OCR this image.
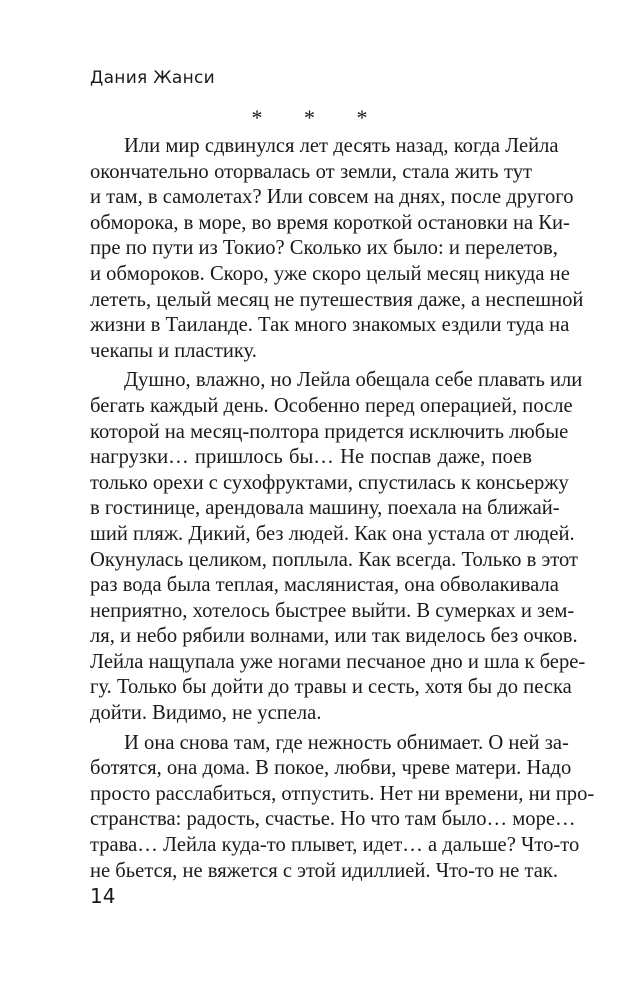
Дания Жанси
* * *

Или мир сдвинулся лет десять назад, когда Лейла
окончательно оторвалась от земли, стала жить тут
и там, в самолетах? Или совсем на днях, после другого
обморока, в море, во время короткой остановки на Ки-
пре по пути из Токио? Сколько их было: и перелетов,
и обмороков. Скоро, уже скоро целый месяц никуда не
лететь, целый месяц не путешествия даже, а неспешной
жизни в Таиланде. Так много знакомых ездили туда на
чекапы и пластику.

Душно, влажно, но Лейла обещала себе плавать или
бегать каждый день. Особенно перед операцией, после
которой на месяц-полтора придется исключить любые
нагрузки… пришлось бы… Не поспав даже, поев
только орехи с сухофруктами, спустилась к консьержу
в гостинице, арендовала машину, поехала на ближай-
ший пляж. Дикий, без людей. Как она устала от людей.
Окунулась целиком, поплыла. Как всегда. Только в этот
раз вода была теплая, маслянистая, она обволакивала
неприятно, хотелось быстрее выйти. В сумерках и зем-
ля, и небо рябили волнами, или так виделось без очков.
Лейла нащупала уже ногами песчаное дно и шла к бере-
гу. Только бы дойти до травы и сесть, хотя бы до песка
дойти. Видимо, не успела.

И она снова там, где нежность обнимает. О ней за-
ботятся, она дома. В покое, любви, чреве матери. Надо
просто расслабиться, отпустить. Нет ни времени, ни про-
странства: радость, счастье. Но что там было… море…
трава… Лейла куда-то плывет, идет… а дальше? Что-то
не бьется, не вяжется с этой идиллией. Что-то не так.

14
